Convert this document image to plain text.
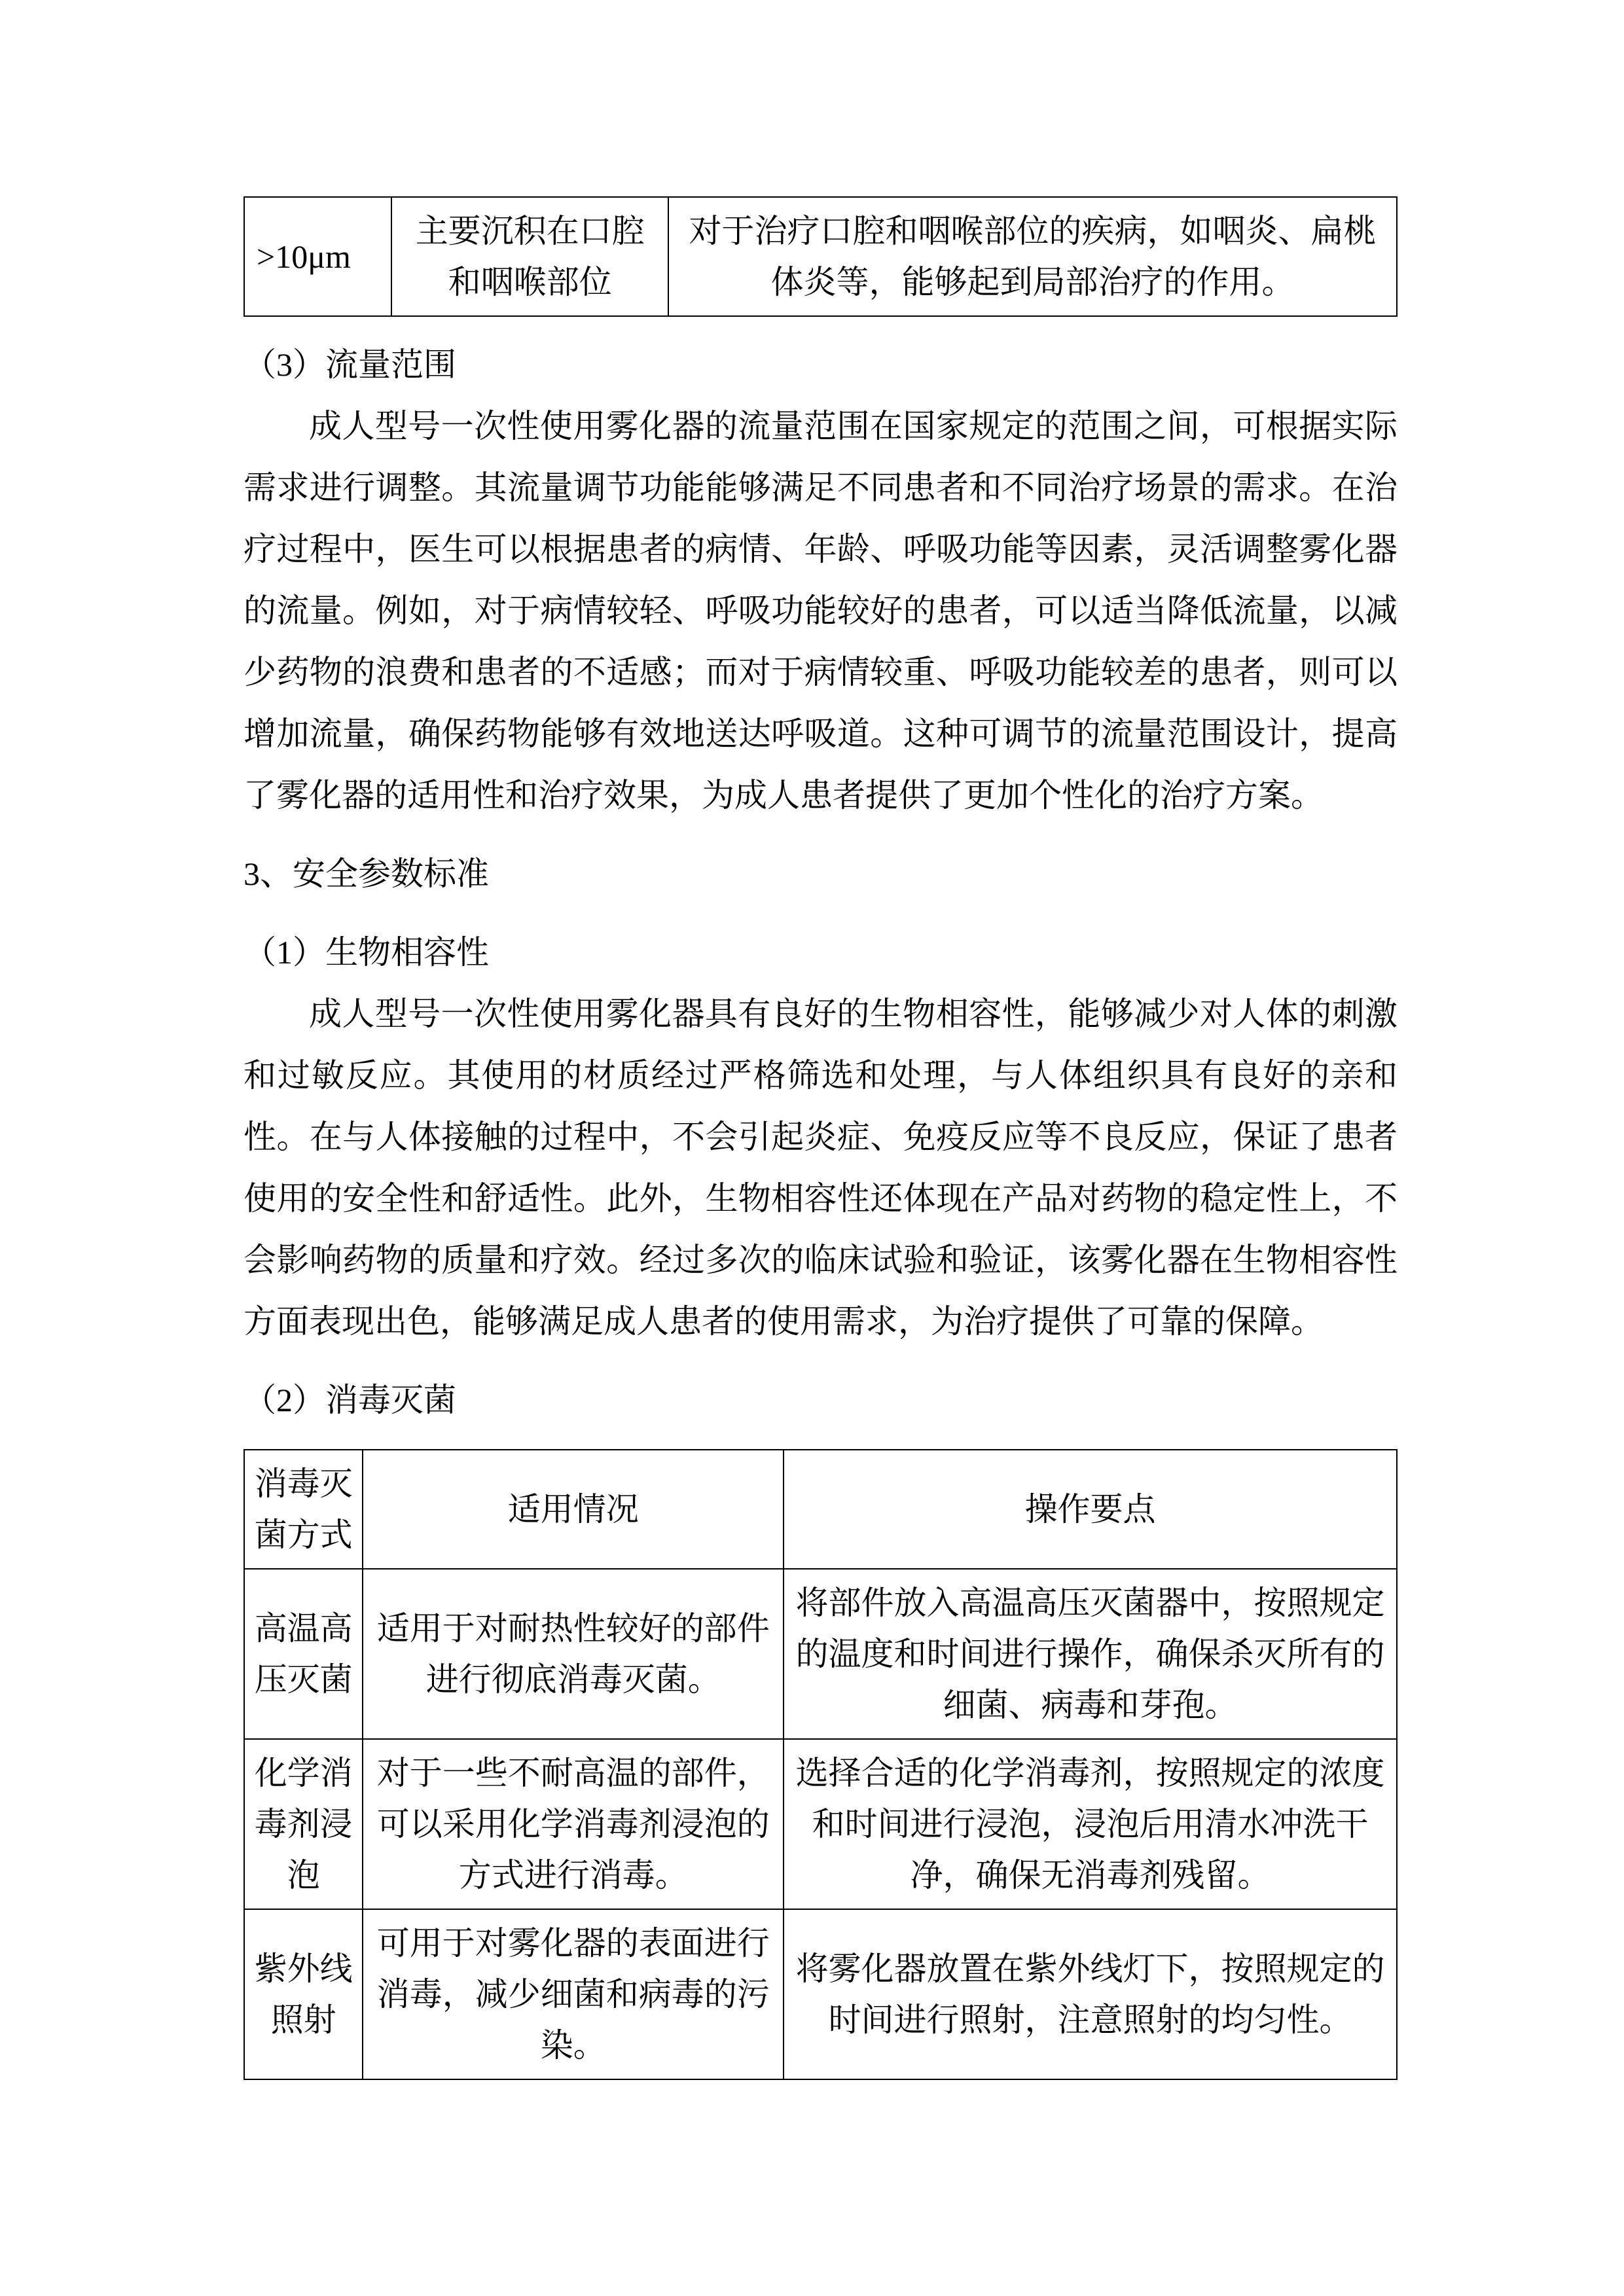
>10μm	主要沉积在口腔和咽喉部位	对于治疗口腔和咽喉部位的疾病，如咽炎、扁桃体炎等，能够起到局部治疗的作用。
（3）流量范围

成人型号一次性使用雾化器的流量范围在国家规定的范围之间，可根据实际需求进行调整。其流量调节功能能够满足不同患者和不同治疗场景的需求。在治疗过程中，医生可以根据患者的病情、年龄、呼吸功能等因素，灵活调整雾化器的流量。例如，对于病情较轻、呼吸功能较好的患者，可以适当降低流量，以减少药物的浪费和患者的不适感；而对于病情较重、呼吸功能较差的患者，则可以增加流量，确保药物能够有效地送达呼吸道。这种可调节的流量范围设计，提高了雾化器的适用性和治疗效果，为成人患者提供了更加个性化的治疗方案。

3、安全参数标准
（1）生物相容性

成人型号一次性使用雾化器具有良好的生物相容性，能够减少对人体的刺激和过敏反应。其使用的材质经过严格筛选和处理，与人体组织具有良好的亲和性。在与人体接触的过程中，不会引起炎症、免疫反应等不良反应，保证了患者使用的安全性和舒适性。此外，生物相容性还体现在产品对药物的稳定性上，不会影响药物的质量和疗效。经过多次的临床试验和验证，该雾化器在生物相容性方面表现出色，能够满足成人患者的使用需求，为治疗提供了可靠的保障。

（2）消毒灭菌
消毒灭菌方式	适用情况	操作要点
高温高压灭菌	适用于对耐热性较好的部件进行彻底消毒灭菌。	将部件放入高温高压灭菌器中，按照规定的温度和时间进行操作，确保杀灭所有的细菌、病毒和芽孢。
化学消毒剂浸泡	对于一些不耐高温的部件，可以采用化学消毒剂浸泡的方式进行消毒。	选择合适的化学消毒剂，按照规定的浓度和时间进行浸泡，浸泡后用清水冲洗干净，确保无消毒剂残留。
紫外线照射	可用于对雾化器的表面进行消毒，减少细菌和病毒的污染。	将雾化器放置在紫外线灯下，按照规定的时间进行照射，注意照射的均匀性。
